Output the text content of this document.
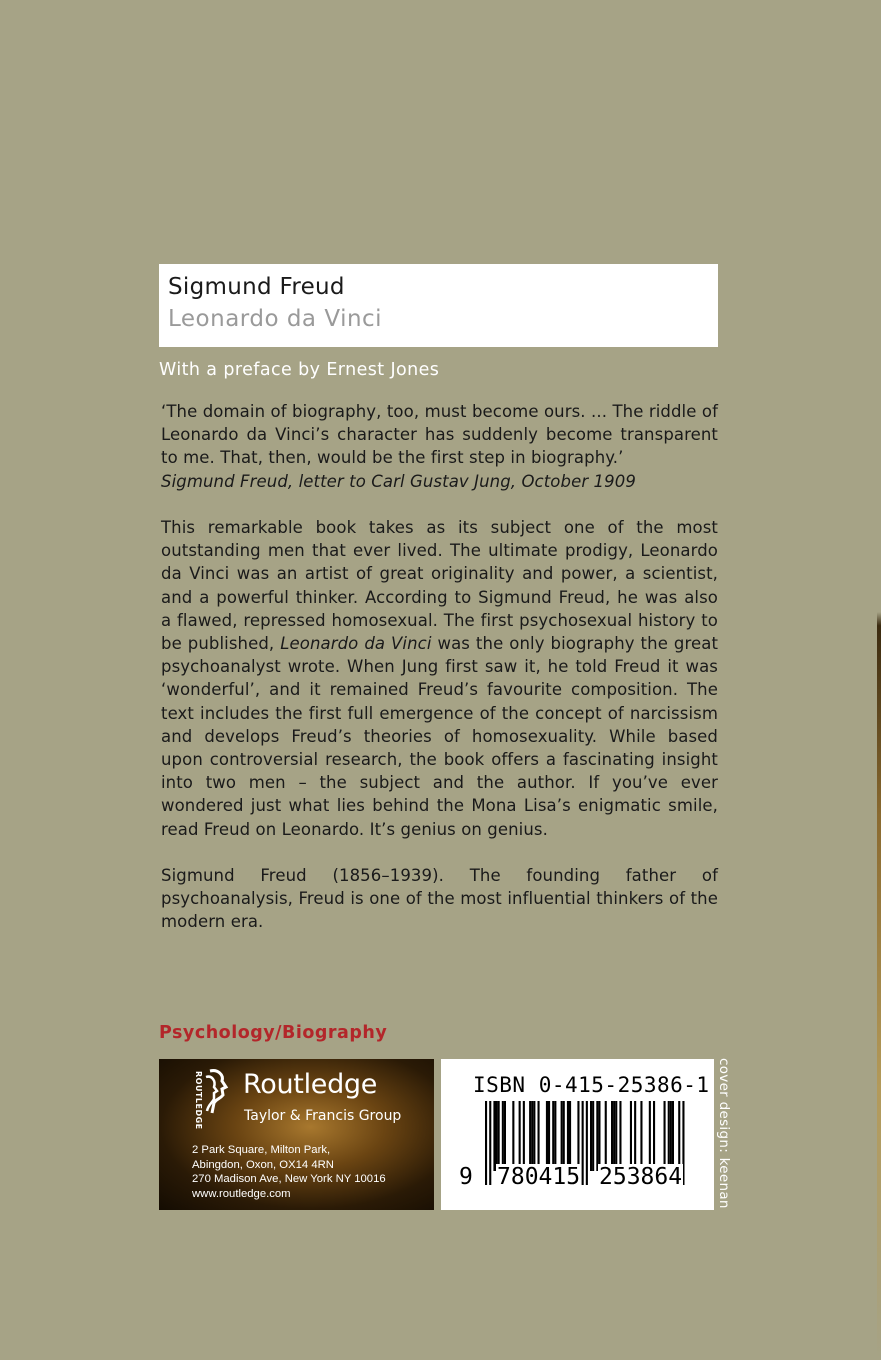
Sigmund Freud
Leonardo da Vinci
With a preface by Ernest Jones
‘The domain of biography, too, must become ours. ... The riddle of Leonardo da Vinci’s character has suddenly become transparent to me. That, then, would be the first step in biography.’
Sigmund Freud, letter to Carl Gustav Jung, October 1909
This remarkable book takes as its subject one of the most outstanding men that ever lived. The ultimate prodigy, Leonardo da Vinci was an artist of great originality and power, a scientist, and a powerful thinker. According to Sigmund Freud, he was also a flawed, repressed homosexual. The first psychosexual history to be published, Leonardo da Vinci was the only biography the great psychoanalyst wrote. When Jung first saw it, he told Freud it was ‘wonderful’, and it remained Freud’s favourite composition. The text includes the first full emergence of the concept of narcissism and develops Freud’s theories of homosexuality. While based upon controversial research, the book offers a fascinating insight into two men – the subject and the author. If you’ve ever wondered just what lies behind the Mona Lisa’s enigmatic smile, read Freud on Leonardo. It’s genius on genius.
Sigmund Freud (1856–1939). The founding father of psychoanalysis, Freud is one of the most influential thinkers of the modern era.
Psychology/Biography
ROUTLEDGE Routledge
Taylor & Francis Group
2 Park Square, Milton Park,
Abingdon, Oxon, OX14 4RN
270 Madison Ave, New York NY 10016
www.routledge.com
ISBN 0-415-25386-1
9 780415 253864	cover design: keenan
